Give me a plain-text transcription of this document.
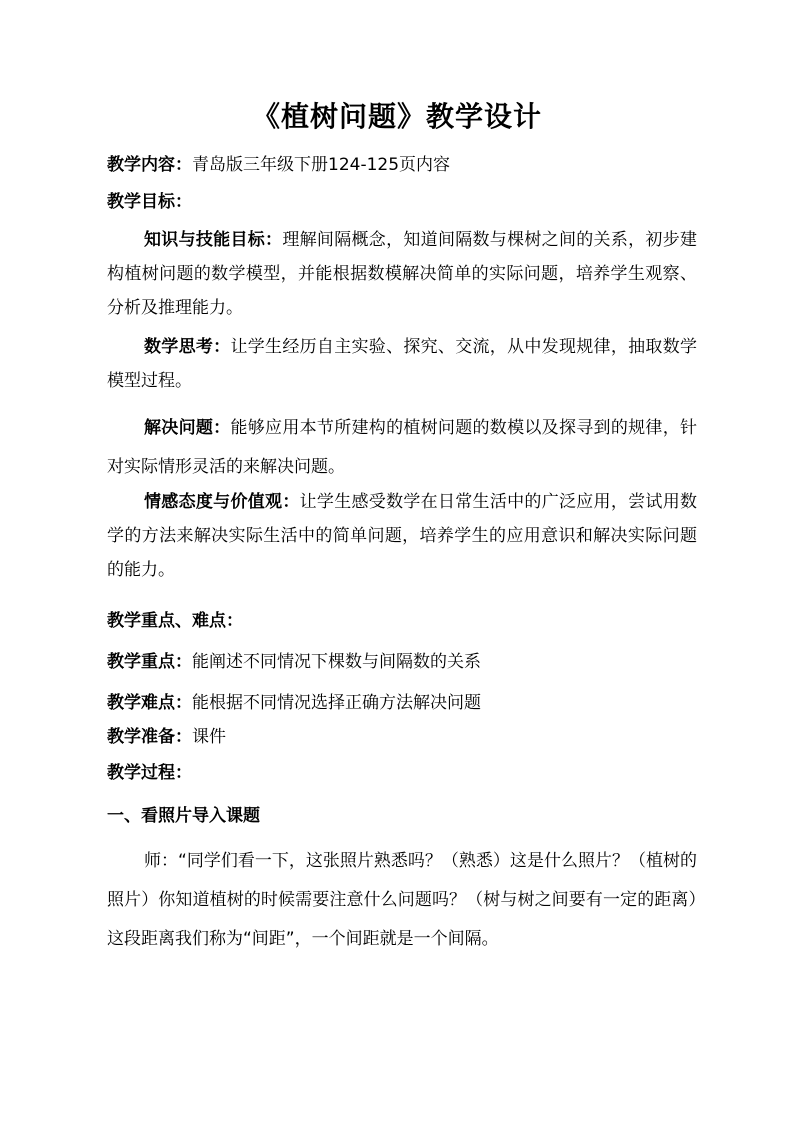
《植树问题》教学设计
教学内容：青岛版三年级下册124-125页内容
教学目标：
知识与技能目标：理解间隔概念，知道间隔数与棵树之间的关系，初步建构植树问题的数学模型，并能根据数模解决简单的实际问题，培养学生观察、分析及推理能力。
数学思考：让学生经历自主实验、探究、交流，从中发现规律，抽取数学模型过程。
解决问题：能够应用本节所建构的植树问题的数模以及探寻到的规律，针对实际情形灵活的来解决问题。
情感态度与价值观：让学生感受数学在日常生活中的广泛应用，尝试用数学的方法来解决实际生活中的简单问题，培养学生的应用意识和解决实际问题的能力。
教学重点、难点：
教学重点：能阐述不同情况下棵数与间隔数的关系
教学难点：能根据不同情况选择正确方法解决问题
教学准备：课件
教学过程：
一、看照片导入课题
师：“同学们看一下，这张照片熟悉吗？（熟悉）这是什么照片？（植树的照片）你知道植树的时候需要注意什么问题吗？（树与树之间要有一定的距离）这段距离我们称为“间距”，一个间距就是一个间隔。
